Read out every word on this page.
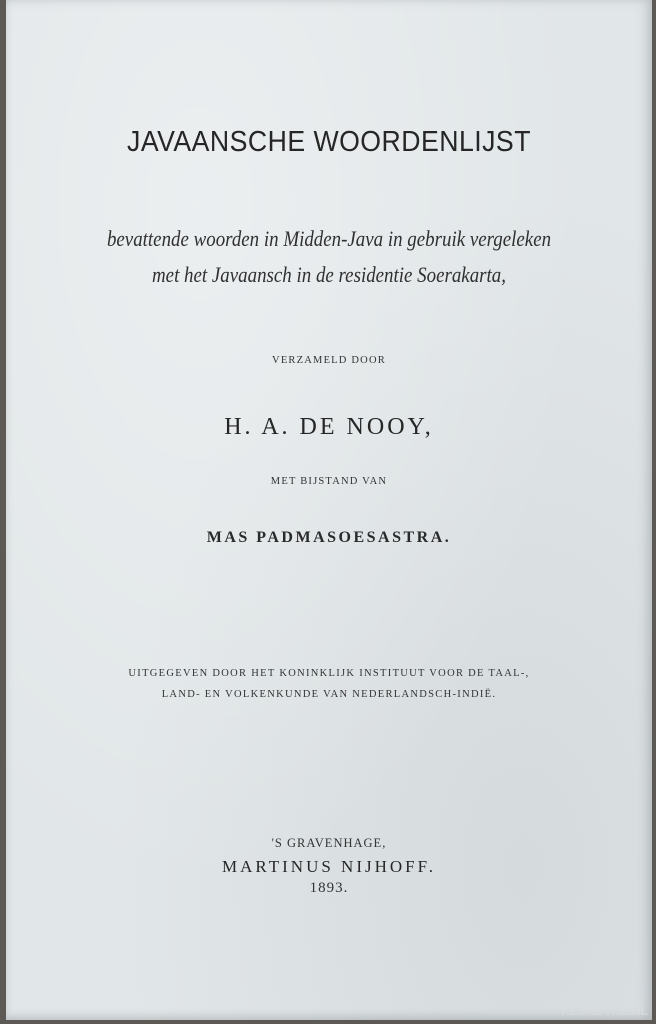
JAVAANSCHE WOORDENLIJST
bevattende woorden in Midden-Java in gebruik vergeleken
met het Javaansch in de residentie Soerakarta,
VERZAMELD DOOR
H. A. DE NOOY,
MET BIJSTAND VAN
MAS PADMASOESASTRA.
UITGEGEVEN DOOR HET KONINKLIJK INSTITUUT VOOR DE TAAL-,
LAND- EN VOLKENKUNDE VAN NEDERLANDSCH-INDIË.
'S GRAVENHAGE,
MARTINUS NIJHOFF.
1893.
KLONDYKE.NL
